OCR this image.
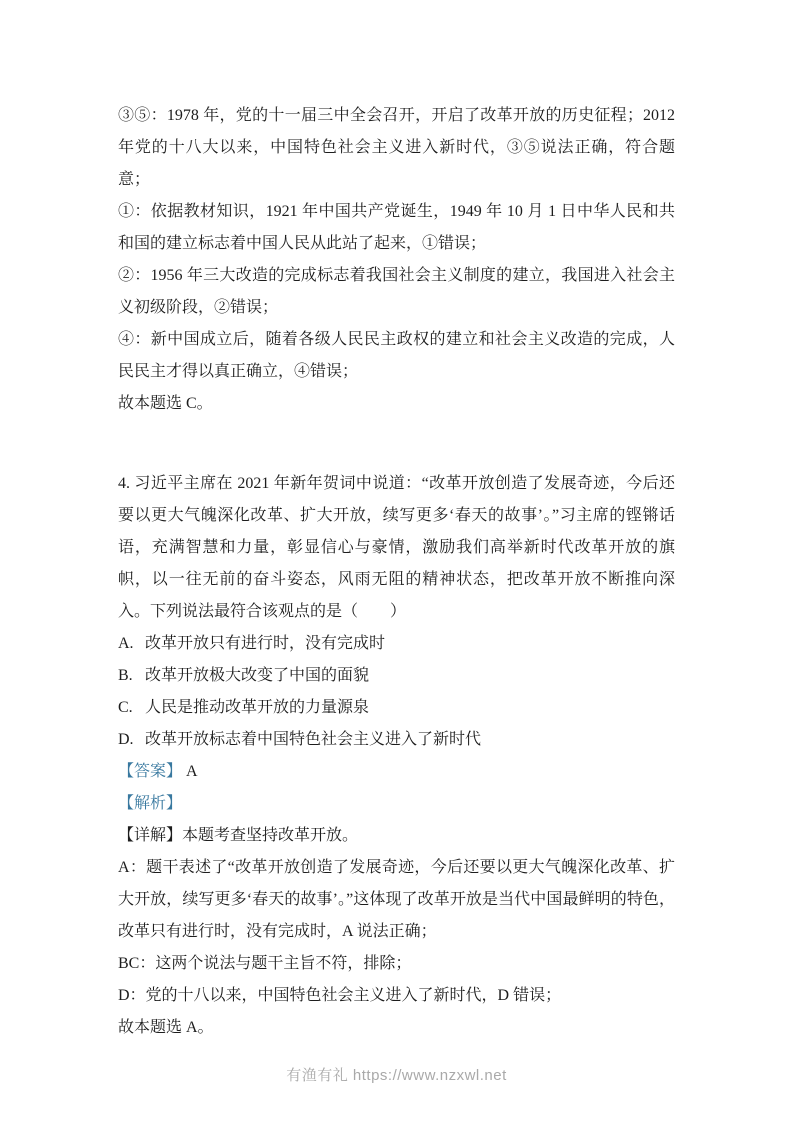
③⑤：1978 年，党的十一届三中全会召开，开启了改革开放的历史征程；2012 年党的十八大以来，中国特色社会主义进入新时代，③⑤说法正确，符合题意；

①：依据教材知识，1921 年中国共产党诞生，1949 年 10 月 1 日中华人民和共和国的建立标志着中国人民从此站了起来，①错误；

②：1956 年三大改造的完成标志着我国社会主义制度的建立，我国进入社会主义初级阶段，②错误；

④：新中国成立后，随着各级人民民主政权的建立和社会主义改造的完成，人民民主才得以真正确立，④错误；

故本题选 C。

4. 习近平主席在 2021 年新年贺词中说道：“改革开放创造了发展奇迹，今后还要以更大气魄深化改革、扩大开放，续写更多‘春天的故事’。”习主席的铿锵话语，充满智慧和力量，彰显信心与豪情，激励我们高举新时代改革开放的旗帜，以一往无前的奋斗姿态，风雨无阻的精神状态，把改革开放不断推向深入。下列说法最符合该观点的是（　　）

A. 改革开放只有进行时，没有完成时

B. 改革开放极大改变了中国的面貌

C. 人民是推动改革开放的力量源泉

D. 改革开放标志着中国特色社会主义进入了新时代

【答案】 A

【解析】

【详解】本题考查坚持改革开放。

A：题干表述了“改革开放创造了发展奇迹，今后还要以更大气魄深化改革、扩大开放，续写更多‘春天的故事’。”这体现了改革开放是当代中国最鲜明的特色，改革只有进行时，没有完成时，A 说法正确；

BC：这两个说法与题干主旨不符，排除；

D：党的十八以来，中国特色社会主义进入了新时代，D 错误；

故本题选 A。

有渔有礼 https://www.nzxwl.net
